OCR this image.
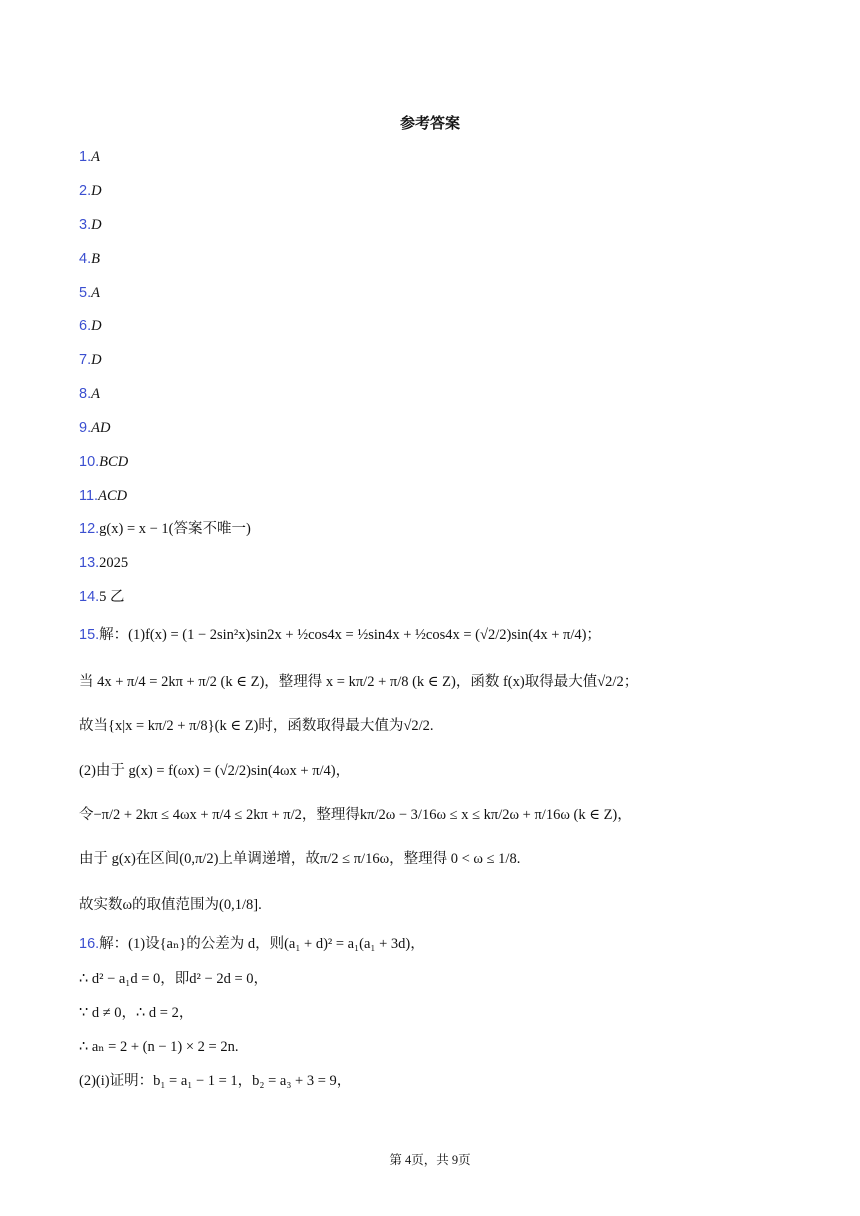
参考答案
1.A
2.D
3.D
4.B
5.A
6.D
7.D
8.A
9.AD
10.BCD
11.ACD
12.g(x) = x − 1(答案不唯一)
13.2025
14.5 乙
15.解：(1)f(x) = (1 − 2sin²x)sin2x + ½cos4x = ½sin4x + ½cos4x = (√2/2)sin(4x + π/4)；
当 4x + π/4 = 2kπ + π/2 (k ∈ Z)，整理得 x = kπ/2 + π/8 (k ∈ Z)，函数 f(x)取得最大值√2/2；
故当{x|x = kπ/2 + π/8}(k ∈ Z)时，函数取得最大值为√2/2.
(2)由于 g(x) = f(ωx) = (√2/2)sin(4ωx + π/4)，
令−π/2 + 2kπ ≤ 4ωx + π/4 ≤ 2kπ + π/2，整理得kπ/2ω − 3/16ω ≤ x ≤ kπ/2ω + π/16ω (k ∈ Z)，
由于 g(x)在区间(0,π/2)上单调递增，故π/2 ≤ π/16ω，整理得 0 < ω ≤ 1/8.
故实数ω的取值范围为(0,1/8].
16.解：(1)设{aₙ}的公差为 d，则(a₁ + d)² = a₁(a₁ + 3d)，
∴ d² − a₁d = 0，即d² − 2d = 0，
∵ d ≠ 0，∴ d = 2，
∴ aₙ = 2 + (n − 1) × 2 = 2n.
(2)(i)证明：b₁ = a₁ − 1 = 1，b₂ = a₃ + 3 = 9，
第 4页，共 9页
